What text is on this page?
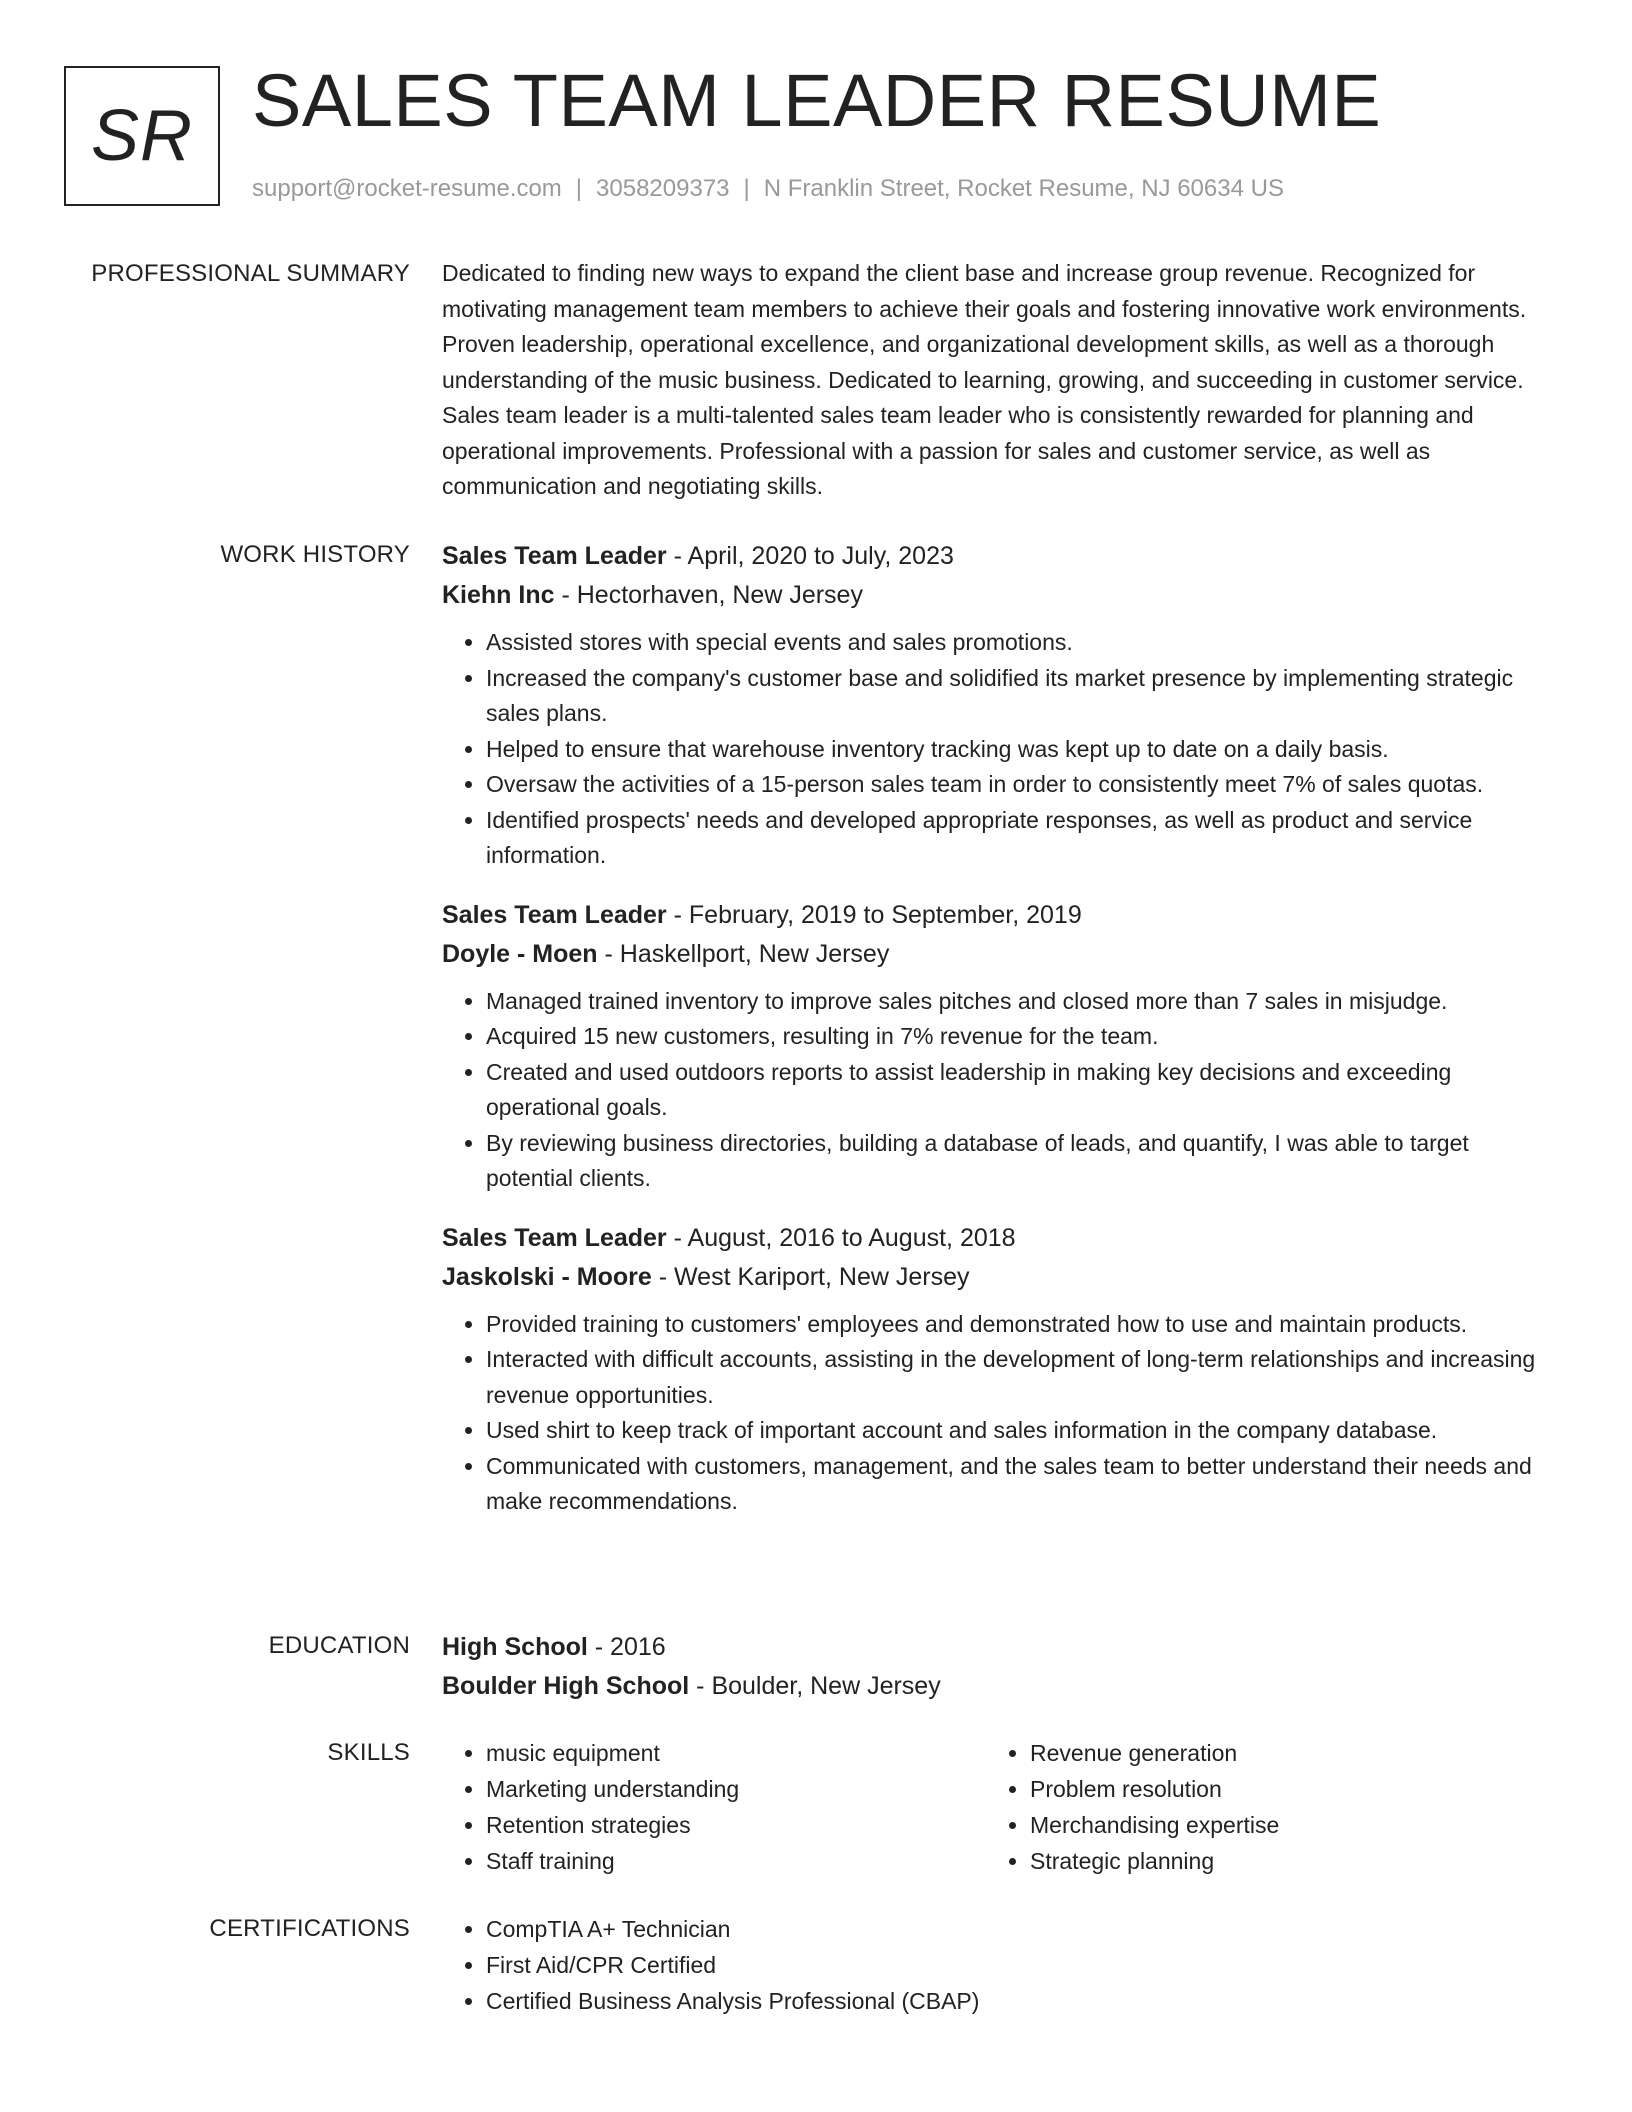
SR SALES TEAM LEADER RESUME
support@rocket-resume.com | 3058209373 | N Franklin Street, Rocket Resume, NJ 60634 US
PROFESSIONAL SUMMARY Dedicated to finding new ways to expand the client base and increase group revenue. Recognized for motivating management team members to achieve their goals and fostering innovative work environments. Proven leadership, operational excellence, and organizational development skills, as well as a thorough understanding of the music business. Dedicated to learning, growing, and succeeding in customer service. Sales team leader is a multi-talented sales team leader who is consistently rewarded for planning and operational improvements. Professional with a passion for sales and customer service, as well as communication and negotiating skills.

WORK HISTORY Sales Team Leader - April, 2020 to July, 2023
Kiehn Inc - Hectorhaven, New Jersey
• Assisted stores with special events and sales promotions.
• Increased the company's customer base and solidified its market presence by implementing strategic sales plans.
• Helped to ensure that warehouse inventory tracking was kept up to date on a daily basis.
• Oversaw the activities of a 15-person sales team in order to consistently meet 7% of sales quotas.
• Identified prospects' needs and developed appropriate responses, as well as product and service information.
Sales Team Leader - February, 2019 to September, 2019
Doyle - Moen - Haskellport, New Jersey
• Managed trained inventory to improve sales pitches and closed more than 7 sales in misjudge.
• Acquired 15 new customers, resulting in 7% revenue for the team.
• Created and used outdoors reports to assist leadership in making key decisions and exceeding operational goals.
• By reviewing business directories, building a database of leads, and quantify, I was able to target potential clients.
Sales Team Leader - August, 2016 to August, 2018
Jaskolski - Moore - West Kariport, New Jersey
• Provided training to customers' employees and demonstrated how to use and maintain products.
• Interacted with difficult accounts, assisting in the development of long-term relationships and increasing revenue opportunities.
• Used shirt to keep track of important account and sales information in the company database.
• Communicated with customers, management, and the sales team to better understand their needs and make recommendations.
EDUCATION High School - 2016
Boulder High School - Boulder, New Jersey
SKILLS	• music equipment
• Marketing understanding
• Retention strategies
• Staff training
• Revenue generation
• Problem resolution
• Merchandising expertise
• Strategic planning
CERTIFICATIONS	• CompTIA A+ Technician
• First Aid/CPR Certified
• Certified Business Analysis Professional (CBAP)
